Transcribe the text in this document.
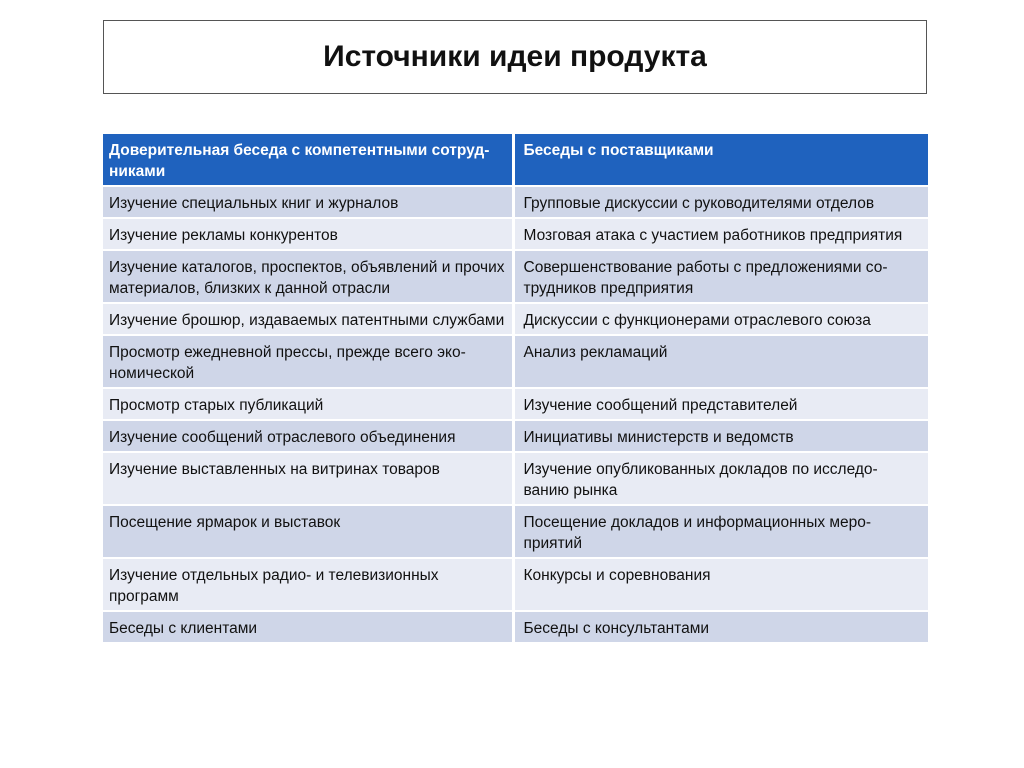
Источники идеи продукта
Доверительная беседа с компетентными сотруд-никами	Беседы с поставщиками
Изучение специальных книг и журналов	Групповые дискуссии с руководителями отделов
Изучение рекламы конкурентов	Мозговая атака с участием работников предприятия
Изучение каталогов, проспектов, объявлений и прочих материалов, близких к данной отрасли	Совершенствование работы с предложениями со-трудников предприятия
Изучение брошюр, издаваемых патентными службами	Дискуссии с функционерами отраслевого союза
Просмотр ежедневной прессы, прежде всего эко-номической	Анализ рекламаций
Просмотр старых публикаций	Изучение сообщений представителей
Изучение сообщений отраслевого объединения	Инициативы министерств и ведомств
Изучение выставленных на витринах товаров	Изучение опубликованных докладов по исследо-ванию рынка
Посещение ярмарок и выставок	Посещение докладов и информационных меро-приятий
Изучение отдельных радио- и телевизионных программ	Конкурсы и соревнования
Беседы с клиентами	Беседы с консультантами
